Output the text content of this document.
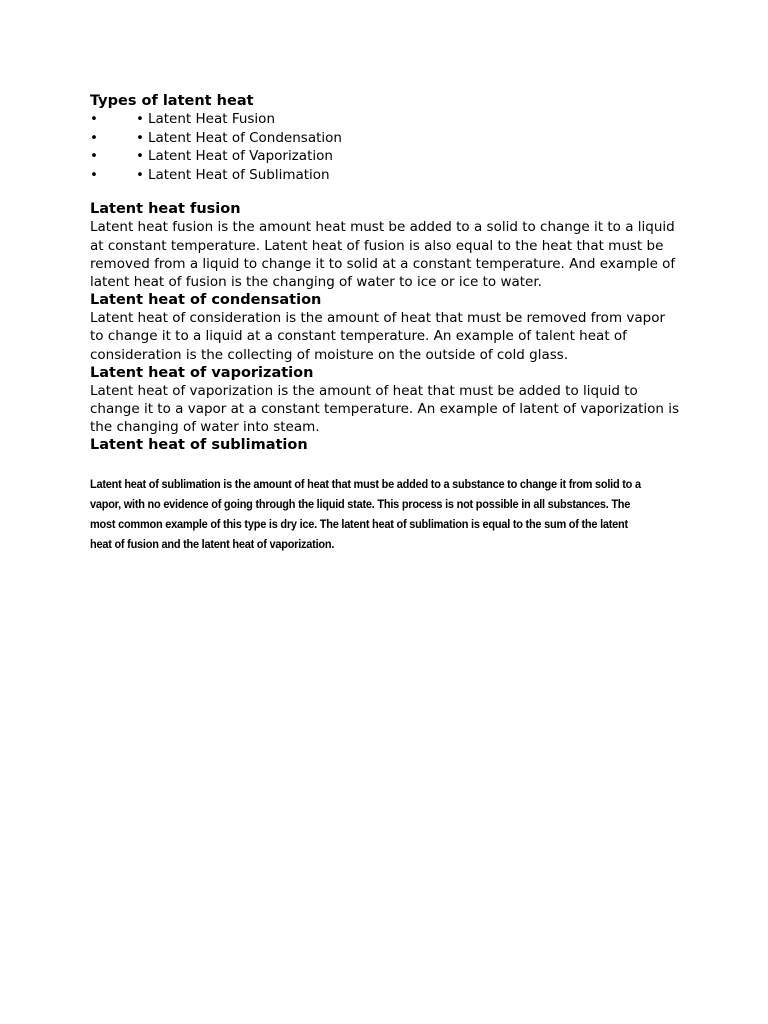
Types of latent heat
•	• Latent Heat Fusion
•	• Latent Heat of Condensation
•	• Latent Heat of Vaporization
•	• Latent Heat of Sublimation
Latent heat fusion

Latent heat fusion is the amount heat must be added to a solid to change it to a liquid at constant temperature. Latent heat of fusion is also equal to the heat that must be removed from a liquid to change it to solid at a constant temperature. And example of latent heat of fusion is the changing of water to ice or ice to water.

Latent heat of condensation

Latent heat of consideration is the amount of heat that must be removed from vapor to change it to a liquid at a constant temperature. An example of talent heat of consideration is the collecting of moisture on the outside of cold glass.

Latent heat of vaporization

Latent heat of vaporization is the amount of heat that must be added to liquid to change it to a vapor at a constant temperature. An example of latent of vaporization is the changing of water into steam.

Latent heat of sublimation

Latent heat of sublimation is the amount of heat that must be added to a substance to change it from solid to a vapor, with no evidence of going through the liquid state. This process is not possible in all substances. The most common example of this type is dry ice. The latent heat of sublimation is equal to the sum of the latent heat of fusion and the latent heat of vaporization.
